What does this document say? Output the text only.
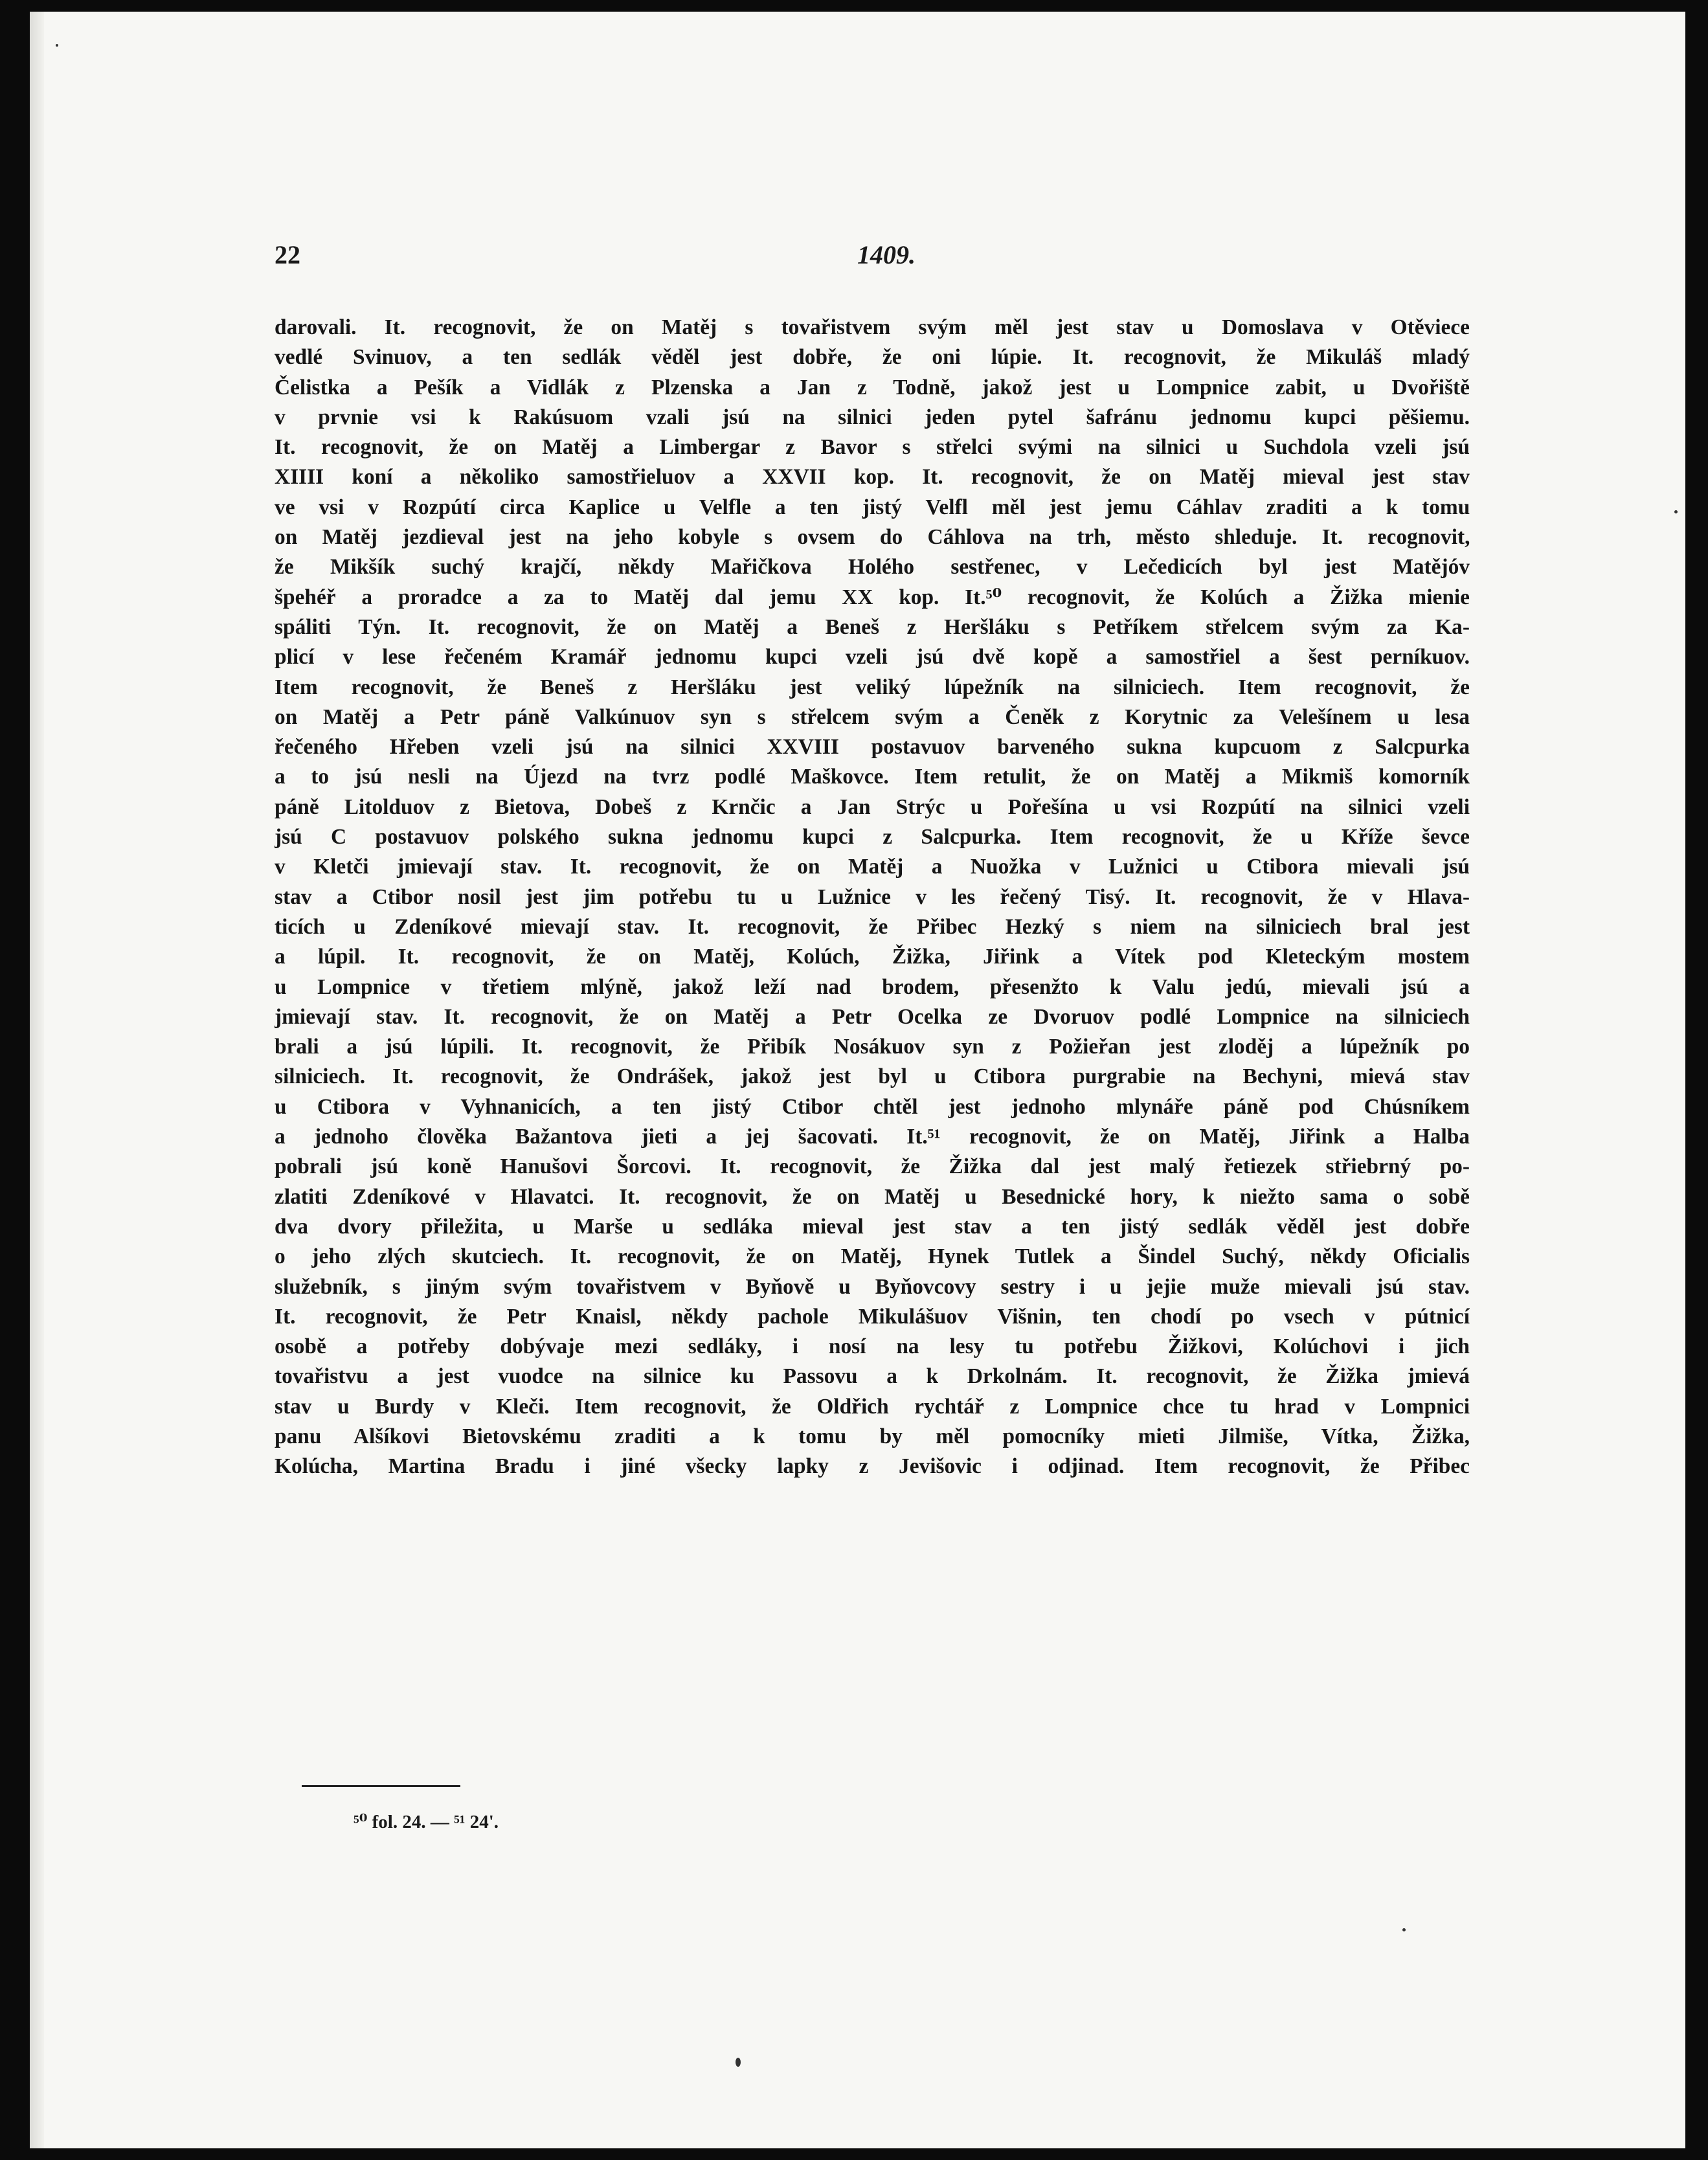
22	1409.
darovali. It. recognovit, že on Matěj s tovařistvem svým měl jest stav u Domoslava v Otěviece
vedlé Svinuov, a ten sedlák věděl jest dobře, že oni lúpie. It. recognovit, že Mikuláš mladý
Čelistka a Pešík a Vidlák z Plzenska a Jan z Todně, jakož jest u Lompnice zabit, u Dvořiště
v prvnie vsi k Rakúsuom vzali jsú na silnici jeden pytel šafránu jednomu kupci pěšiemu.
It. recognovit, že on Matěj a Limbergar z Bavor s střelci svými na silnici u Suchdola vzeli jsú
XIIII koní a několiko samostřieluov a XXVII kop. It. recognovit, že on Matěj mieval jest stav
ve vsi v Rozpútí circa Kaplice u Velfle a ten jistý Velfl měl jest jemu Cáhlav zraditi a k tomu
on Matěj jezdieval jest na jeho kobyle s ovsem do Cáhlova na trh, město shleduje. It. recognovit,
že Mikšík suchý krajčí, někdy Mařičkova Holého sestřenec, v Lečedicích byl jest Matějóv
špehéř a proradce a za to Matěj dal jemu XX kop. It.⁵⁰ recognovit, že Kolúch a Žižka mienie
spáliti Týn. It. recognovit, že on Matěj a Beneš z Heršláku s Petříkem střelcem svým za Ka-
plicí v lese řečeném Kramář jednomu kupci vzeli jsú dvě kopě a samostřiel a šest perníkuov.
Item recognovit, že Beneš z Heršláku jest veliký lúpežník na silniciech. Item recognovit, že
on Matěj a Petr páně Valkúnuov syn s střelcem svým a Čeněk z Korytnic za Velešínem u lesa
řečeného Hřeben vzeli jsú na silnici XXVIII postavuov barveného sukna kupcuom z Salcpurka
a to jsú nesli na Újezd na tvrz podlé Maškovce. Item retulit, že on Matěj a Mikmiš komorník
páně Litolduov z Bietova, Dobeš z Krnčic a Jan Strýc u Pořešína u vsi Rozpútí na silnici vzeli
jsú C postavuov polského sukna jednomu kupci z Salcpurka. Item recognovit, že u Kříže ševce
v Kletči jmievají stav. It. recognovit, že on Matěj a Nuožka v Lužnici u Ctibora mievali jsú
stav a Ctibor nosil jest jim potřebu tu u Lužnice v les řečený Tisý. It. recognovit, že v Hlava-
ticích u Zdeníkové mievají stav. It. recognovit, že Přibec Hezký s niem na silniciech bral jest
a lúpil. It. recognovit, že on Matěj, Kolúch, Žižka, Jiřink a Vítek pod Kleteckým mostem
u Lompnice v třetiem mlýně, jakož leží nad brodem, přesenžto k Valu jedú, mievali jsú a
jmievají stav. It. recognovit, že on Matěj a Petr Ocelka ze Dvoruov podlé Lompnice na silniciech
brali a jsú lúpili. It. recognovit, že Přibík Nosákuov syn z Požieřan jest zloděj a lúpežník po
silniciech. It. recognovit, že Ondrášek, jakož jest byl u Ctibora purgrabie na Bechyni, mievá stav
u Ctibora v Vyhnanicích, a ten jistý Ctibor chtěl jest jednoho mlynáře páně pod Chúsníkem
a jednoho člověka Bažantova jieti a jej šacovati. It.⁵¹ recognovit, že on Matěj, Jiřink a Halba
pobrali jsú koně Hanušovi Šorcovi. It. recognovit, že Žižka dal jest malý řetiezek střiebrný po-
zlatiti Zdeníkové v Hlavatci. It. recognovit, že on Matěj u Besednické hory, k niežto sama o sobě
dva dvory přiležita, u Marše u sedláka mieval jest stav a ten jistý sedlák věděl jest dobře
o jeho zlých skutciech. It. recognovit, že on Matěj, Hynek Tutlek a Šindel Suchý, někdy Oficialis
služebník, s jiným svým tovařistvem v Byňově u Byňovcovy sestry i u jejie muže mievali jsú stav.
It. recognovit, že Petr Knaisl, někdy pachole Mikulášuov Višnin, ten chodí po vsech v pútnicí
osobě a potřeby dobývaje mezi sedláky, i nosí na lesy tu potřebu Žižkovi, Kolúchovi i jich
tovařistvu a jest vuodce na silnice ku Passovu a k Drkolnám. It. recognovit, že Žižka jmievá
stav u Burdy v Kleči. Item recognovit, že Oldřich rychtář z Lompnice chce tu hrad v Lompnici
panu Alšíkovi Bietovskému zraditi a k tomu by měl pomocníky mieti Jilmiše, Vítka, Žižka,
Kolúcha, Martina Bradu i jiné všecky lapky z Jevišovic i odjinad. Item recognovit, že Přibec
⁵⁰ fol. 24. — ⁵¹ 24'.
